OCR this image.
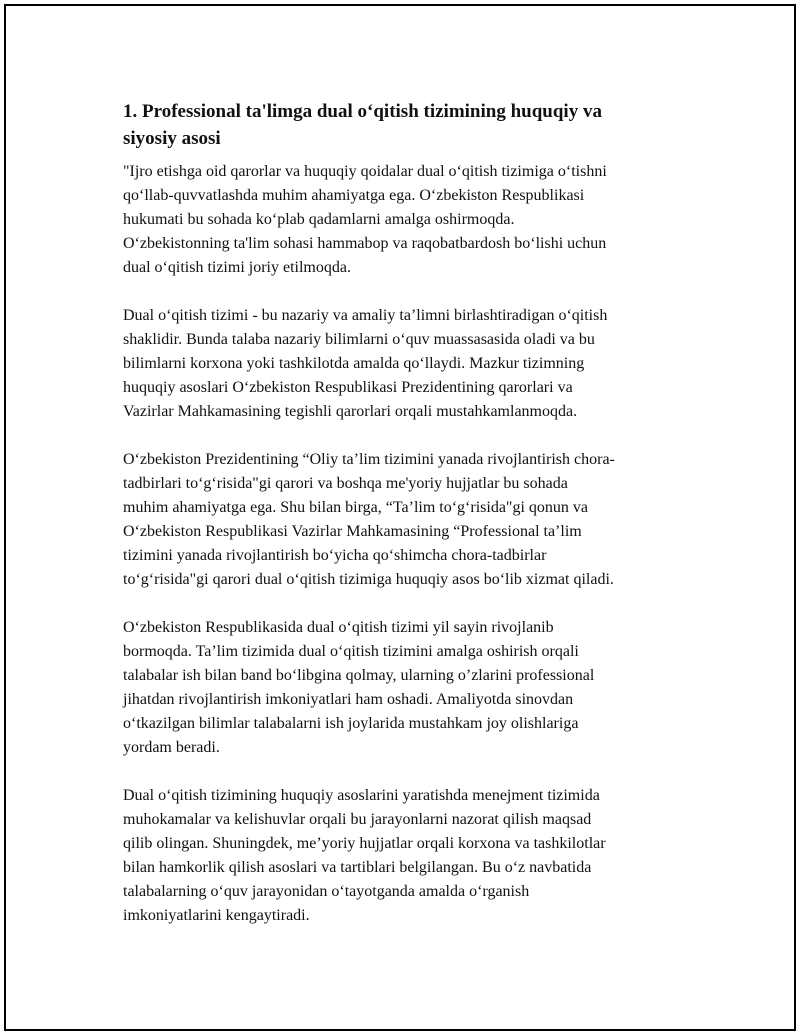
1. Professional ta'limga dual o‘qitish tizimining huquqiy va
siyosiy asosi

"Ijro etishga oid qarorlar va huquqiy qoidalar dual o‘qitish tizimiga o‘tishni
qo‘llab-quvvatlashda muhim ahamiyatga ega. O‘zbekiston Respublikasi
hukumati bu sohada ko‘plab qadamlarni amalga oshirmoqda.
O‘zbekistonning ta'lim sohasi hammabop va raqobatbardosh bo‘lishi uchun
dual o‘qitish tizimi joriy etilmoqda.

Dual o‘qitish tizimi - bu nazariy va amaliy ta’limni birlashtiradigan o‘qitish
shaklidir. Bunda talaba nazariy bilimlarni o‘quv muassasasida oladi va bu
bilimlarni korxona yoki tashkilotda amalda qo‘llaydi. Mazkur tizimning
huquqiy asoslari O‘zbekiston Respublikasi Prezidentining qarorlari va
Vazirlar Mahkamasining tegishli qarorlari orqali mustahkamlanmoqda.

O‘zbekiston Prezidentining “Oliy ta’lim tizimini yanada rivojlantirish chora-
tadbirlari to‘g‘risida"gi qarori va boshqa me'yoriy hujjatlar bu sohada
muhim ahamiyatga ega. Shu bilan birga, “Ta’lim to‘g‘risida"gi qonun va
O‘zbekiston Respublikasi Vazirlar Mahkamasining “Professional ta’lim
tizimini yanada rivojlantirish bo‘yicha qo‘shimcha chora-tadbirlar
to‘g‘risida"gi qarori dual o‘qitish tizimiga huquqiy asos bo‘lib xizmat qiladi.

O‘zbekiston Respublikasida dual o‘qitish tizimi yil sayin rivojlanib
bormoqda. Ta’lim tizimida dual o‘qitish tizimini amalga oshirish orqali
talabalar ish bilan band bo‘libgina qolmay, ularning o’zlarini professional
jihatdan rivojlantirish imkoniyatlari ham oshadi. Amaliyotda sinovdan
o‘tkazilgan bilimlar talabalarni ish joylarida mustahkam joy olishlariga
yordam beradi.

Dual o‘qitish tizimining huquqiy asoslarini yaratishda menejment tizimida
muhokamalar va kelishuvlar orqali bu jarayonlarni nazorat qilish maqsad
qilib olingan. Shuningdek, me’yoriy hujjatlar orqali korxona va tashkilotlar
bilan hamkorlik qilish asoslari va tartiblari belgilangan. Bu o‘z navbatida
talabalarning o‘quv jarayonidan o‘tayotganda amalda o‘rganish
imkoniyatlarini kengaytiradi.
